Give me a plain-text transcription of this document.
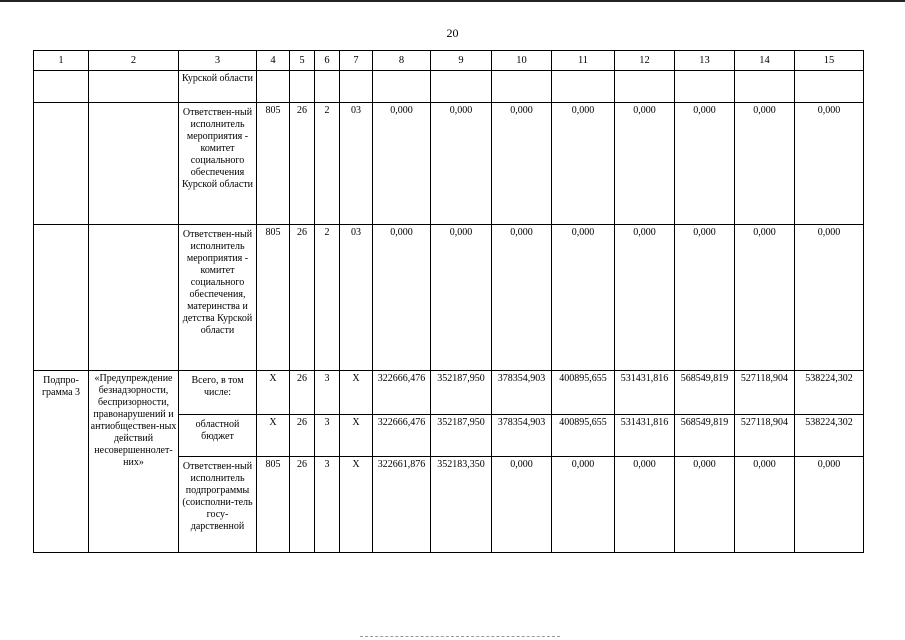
20
1	2	3	4	5	6	7	8	9	10	11	12	13	14	15
		Курской области												
		Ответствен-ный исполнитель мероприятия - комитет социального обеспечения Курской области	805	26	2	03	0,000	0,000	0,000	0,000	0,000	0,000	0,000	0,000
		Ответствен-ный исполнитель мероприятия - комитет социального обеспечения, материнства и детства Курской области	805	26	2	03	0,000	0,000	0,000	0,000	0,000	0,000	0,000	0,000
Подпро-грамма 3	«Предупреждение безнадзорности, беспризорности, правонарушений и антиобществен-ных действий несовершеннолет-них»	Всего, в том числе:	Х	26	3	Х	322666,476	352187,950	378354,903	400895,655	531431,816	568549,819	527118,904	538224,302
		областной бюджет	Х	26	3	Х	322666,476	352187,950	378354,903	400895,655	531431,816	568549,819	527118,904	538224,302
		Ответствен-ный исполнитель подпрограммы (соисполни-тель госу-дарственной	805	26	3	Х	322661,876	352183,350	0,000	0,000	0,000	0,000	0,000	0,000
